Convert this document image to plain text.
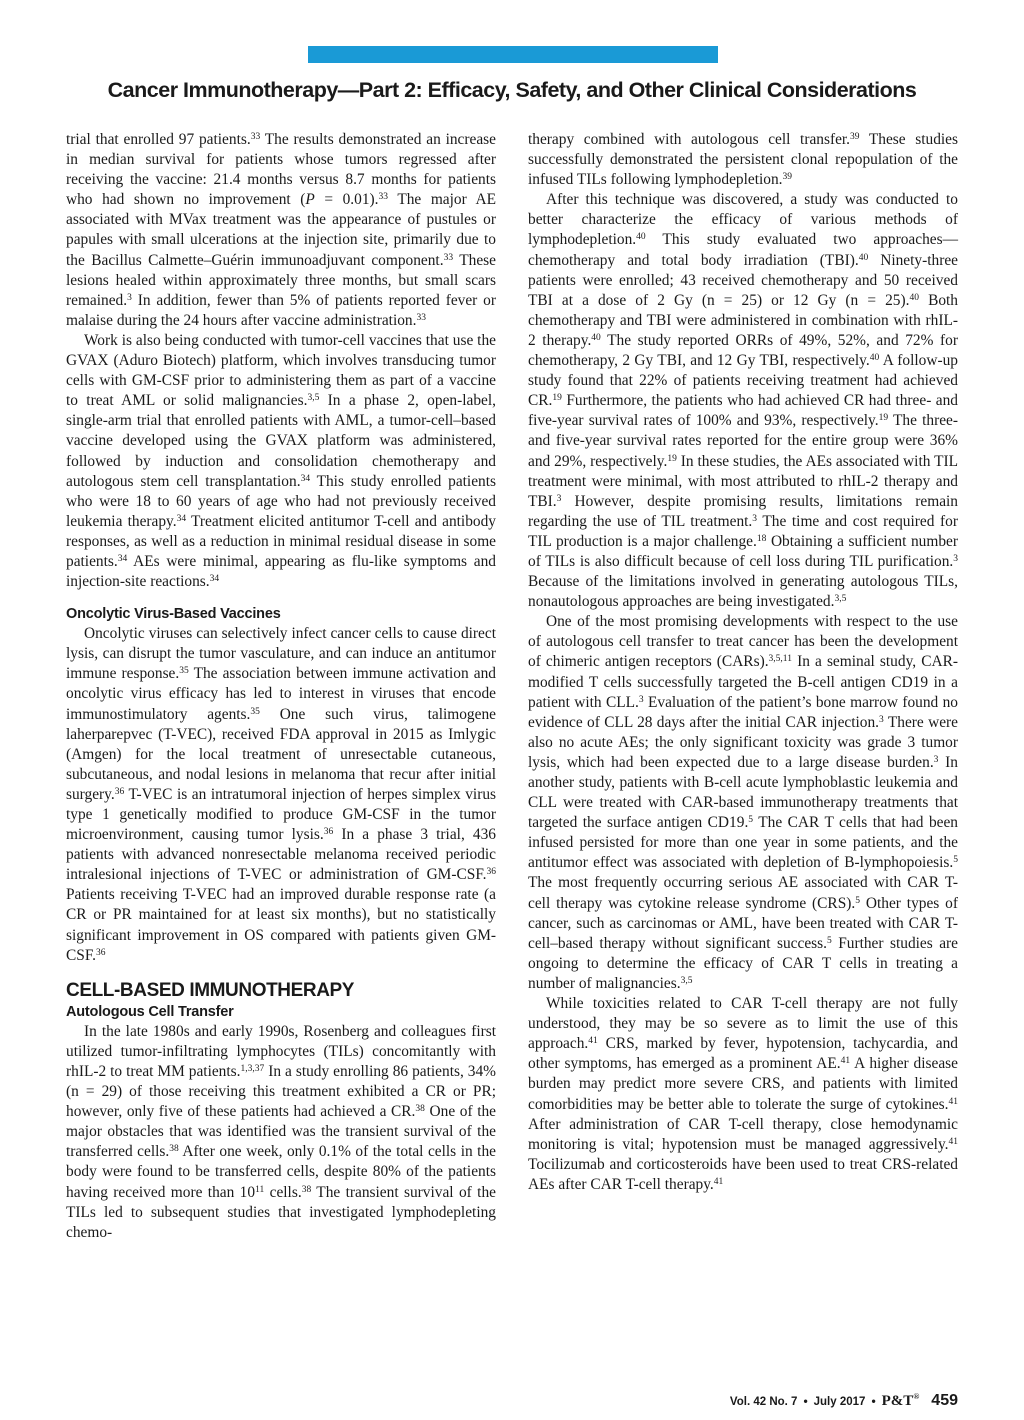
Cancer Immunotherapy—Part 2: Efficacy, Safety, and Other Clinical Considerations

trial that enrolled 97 patients.$^{33}$ The results demonstrated an increase in median survival for patients whose tumors regressed after receiving the vaccine: 21.4 months versus 8.7 months for patients who had shown no improvement (P = 0.01).$^{33}$ The major AE associated with MVax treatment was the appearance of pustules or papules with small ulcerations at the injection site, primarily due to the Bacillus Calmette–Guérin immunoadjuvant component.$^{33}$ These lesions healed within approximately three months, but small scars remained.$^3$ In addition, fewer than 5% of patients reported fever or malaise during the 24 hours after vaccine administration.$^{33}$

Work is also being conducted with tumor-cell vaccines that use the GVAX (Aduro Biotech) platform, which involves transducing tumor cells with GM-CSF prior to administering them as part of a vaccine to treat AML or solid malignancies.$^{3,5}$ In a phase 2, open-label, single-arm trial that enrolled patients with AML, a tumor-cell–based vaccine developed using the GVAX platform was administered, followed by induction and consolidation chemotherapy and autologous stem cell transplantation.$^{34}$ This study enrolled patients who were 18 to 60 years of age who had not previously received leukemia therapy.$^{34}$ Treatment elicited antitumor T-cell and antibody responses, as well as a reduction in minimal residual disease in some patients.$^{34}$ AEs were minimal, appearing as flu-like symptoms and injection-site reactions.$^{34}$

Oncolytic Virus-Based Vaccines

Oncolytic viruses can selectively infect cancer cells to cause direct lysis, can disrupt the tumor vasculature, and can induce an antitumor immune response.$^{35}$ The association between immune activation and oncolytic virus efficacy has led to interest in viruses that encode immunostimulatory agents.$^{35}$ One such virus, talimogene laherparepvec (T-VEC), received FDA approval in 2015 as Imlygic (Amgen) for the local treatment of unresectable cutaneous, subcutaneous, and nodal lesions in melanoma that recur after initial surgery.$^{36}$ T-VEC is an intratumoral injection of herpes simplex virus type 1 genetically modified to produce GM-CSF in the tumor microenvironment, causing tumor lysis.$^{36}$ In a phase 3 trial, 436 patients with advanced nonresectable melanoma received periodic intralesional injections of T-VEC or administration of GM-CSF.$^{36}$ Patients receiving T-VEC had an improved durable response rate (a CR or PR maintained for at least six months), but no statistically significant improvement in OS compared with patients given GM-CSF.$^{36}$

CELL-BASED IMMUNOTHERAPY
Autologous Cell Transfer

In the late 1980s and early 1990s, Rosenberg and colleagues first utilized tumor-infiltrating lymphocytes (TILs) concomitantly with rhIL-2 to treat MM patients.$^{1,3,37}$ In a study enrolling 86 patients, 34% (n = 29) of those receiving this treatment exhibited a CR or PR; however, only five of these patients had achieved a CR.$^{38}$ One of the major obstacles that was identified was the transient survival of the transferred cells.$^{38}$ After one week, only 0.1% of the total cells in the body were found to be transferred cells, despite 80% of the patients having received more than $10^{11}$ cells.$^{38}$ The transient survival of the TILs led to subsequent studies that investigated lymphodepleting chemo-

therapy combined with autologous cell transfer.$^{39}$ These studies successfully demonstrated the persistent clonal repopulation of the infused TILs following lymphodepletion.$^{39}$

After this technique was discovered, a study was conducted to better characterize the efficacy of various methods of lymphodepletion.$^{40}$ This study evaluated two approaches—chemotherapy and total body irradiation (TBI).$^{40}$ Ninety-three patients were enrolled; 43 received chemotherapy and 50 received TBI at a dose of 2 Gy (n = 25) or 12 Gy (n = 25).$^{40}$ Both chemotherapy and TBI were administered in combination with rhIL-2 therapy.$^{40}$ The study reported ORRs of 49%, 52%, and 72% for chemotherapy, 2 Gy TBI, and 12 Gy TBI, respectively.$^{40}$ A follow-up study found that 22% of patients receiving treatment had achieved CR.$^{19}$ Furthermore, the patients who had achieved CR had three- and five-year survival rates of 100% and 93%, respectively.$^{19}$ The three- and five-year survival rates reported for the entire group were 36% and 29%, respectively.$^{19}$ In these studies, the AEs associated with TIL treatment were minimal, with most attributed to rhIL-2 therapy and TBI.$^3$ However, despite promising results, limitations remain regarding the use of TIL treatment.$^3$ The time and cost required for TIL production is a major challenge.$^{18}$ Obtaining a sufficient number of TILs is also difficult because of cell loss during TIL purification.$^3$ Because of the limitations involved in generating autologous TILs, nonautologous approaches are being investigated.$^{3,5}$

One of the most promising developments with respect to the use of autologous cell transfer to treat cancer has been the development of chimeric antigen receptors (CARs).$^{3,5,11}$ In a seminal study, CAR-modified T cells successfully targeted the B-cell antigen CD19 in a patient with CLL.$^3$ Evaluation of the patient’s bone marrow found no evidence of CLL 28 days after the initial CAR injection.$^3$ There were also no acute AEs; the only significant toxicity was grade 3 tumor lysis, which had been expected due to a large disease burden.$^3$ In another study, patients with B-cell acute lymphoblastic leukemia and CLL were treated with CAR-based immunotherapy treatments that targeted the surface antigen CD19.$^5$ The CAR T cells that had been infused persisted for more than one year in some patients, and the antitumor effect was associated with depletion of B-lymphopoiesis.$^5$ The most frequently occurring serious AE associated with CAR T-cell therapy was cytokine release syndrome (CRS).$^5$ Other types of cancer, such as carcinomas or AML, have been treated with CAR T-cell–based therapy without significant success.$^5$ Further studies are ongoing to determine the efficacy of CAR T cells in treating a number of malignancies.$^{3,5}$

While toxicities related to CAR T-cell therapy are not fully understood, they may be so severe as to limit the use of this approach.$^{41}$ CRS, marked by fever, hypotension, tachycardia, and other symptoms, has emerged as a prominent AE.$^{41}$ A higher disease burden may predict more severe CRS, and patients with limited comorbidities may be better able to tolerate the surge of cytokines.$^{41}$ After administration of CAR T-cell therapy, close hemodynamic monitoring is vital; hypotension must be managed aggressively.$^{41}$ Tocilizumab and corticosteroids have been used to treat CRS-related AEs after CAR T-cell therapy.$^{41}$

Vol. 42 No. 7 • July 2017 • P&T® 459
